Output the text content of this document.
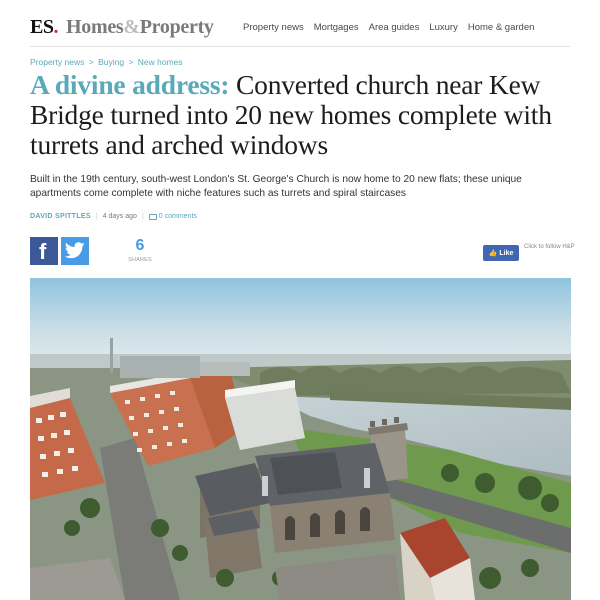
ES. Homes&Property	Property news Mortgages Area guides Luxury Home & garden
Property news > Buying > New homes
A divine address: Converted church near Kew Bridge turned into 20 new homes complete with turrets and arched windows

Built in the 19th century, south-west London's St. George's Church is now home to 20 new flats; these unique apartments come complete with niche features such as turrets and spiral staircases

DAVID SPITTLES | 4 days ago | 0 comments
f	6
SHARES
👍 Like
Click to follow H&P
